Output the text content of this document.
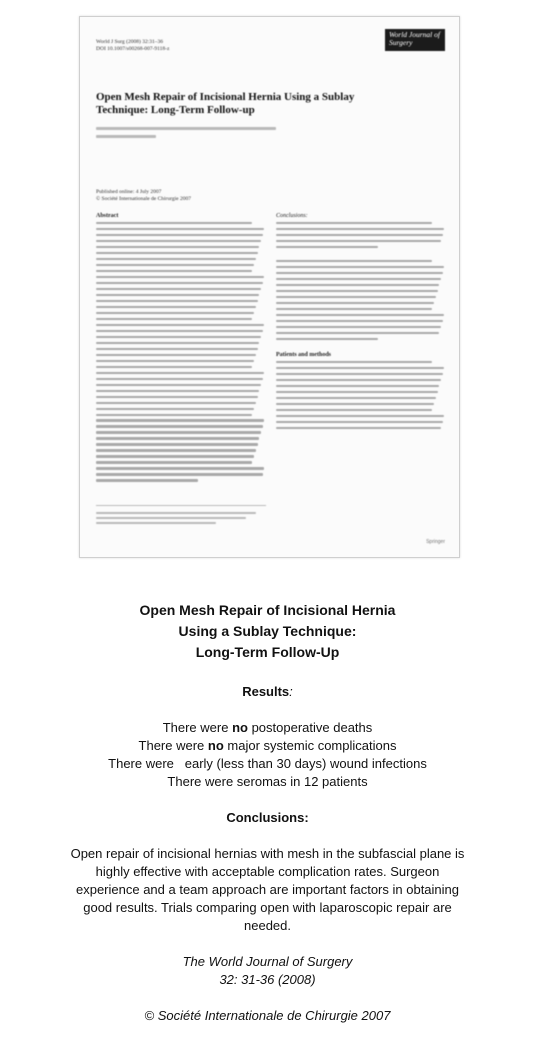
World J Surg (2008) 32:31–36
DOI 10.1007/s00268-007-9118-z
World Journal of Surgery
Open Mesh Repair of Incisional Hernia Using a Sublay Technique: Long-Term Follow-up
Published online: 4 July 2007
© Société Internationale de Chirurgie 2007
Abstract	Conclusions:
Patients and methods
Springer
Open Mesh Repair of Incisional Hernia
Using a Sublay Technique:
Long-Term Follow-Up
Results:

There were no postoperative deaths

There were no major systemic complications

There were   early (less than 30 days) wound infections

There were seromas in 12 patients

Conclusions:
Open repair of incisional hernias with mesh in the subfascial plane is highly effective with acceptable complication rates. Surgeon experience and a team approach are important factors in obtaining good results. Trials comparing open with laparoscopic repair are needed.
The World Journal of Surgery
32: 31-36 (2008)
© Société Internationale de Chirurgie 2007
